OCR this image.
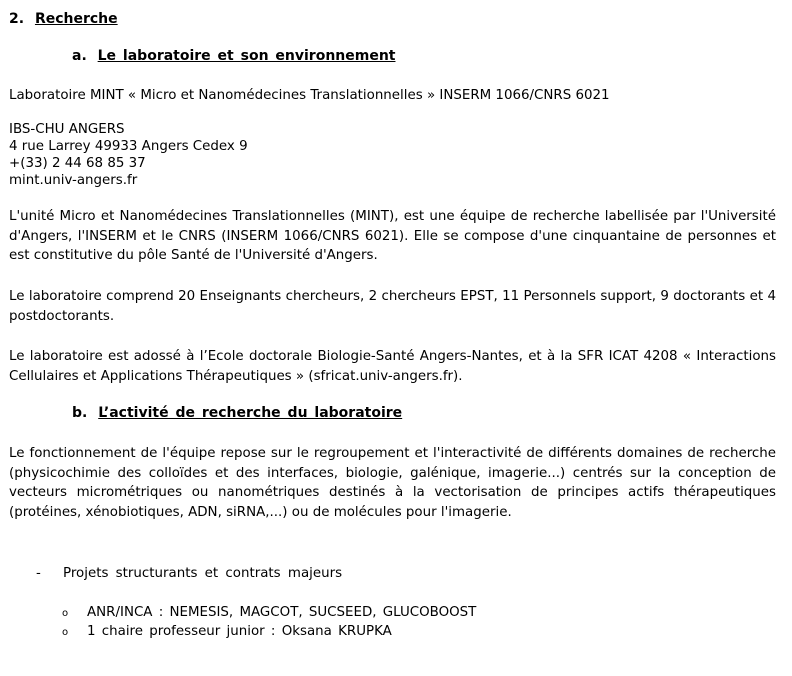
2. Recherche
a. Le laboratoire et son environnement
Laboratoire MINT « Micro et Nanomédecines Translationnelles » INSERM 1066/CNRS 6021
IBS-CHU ANGERS
4 rue Larrey 49933 Angers Cedex 9
+(33) 2 44 68 85 37
mint.univ-angers.fr
L'unité Micro et Nanomédecines Translationnelles (MINT), est une équipe de recherche labellisée par l'Université d'Angers, l'INSERM et le CNRS (INSERM 1066/CNRS 6021). Elle se compose d'une cinquantaine de personnes et est constitutive du pôle Santé de l'Université d'Angers.
Le laboratoire comprend 20 Enseignants chercheurs, 2 chercheurs EPST, 11 Personnels support, 9 doctorants et 4 postdoctorants.
Le laboratoire est adossé à l’Ecole doctorale Biologie-Santé Angers-Nantes, et à la SFR ICAT 4208 « Interactions Cellulaires et Applications Thérapeutiques » (sfricat.univ-angers.fr).
b. L’activité de recherche du laboratoire
Le fonctionnement de l'équipe repose sur le regroupement et l'interactivité de différents domaines de recherche (physicochimie des colloïdes et des interfaces, biologie, galénique, imagerie...) centrés sur la conception de vecteurs micrométriques ou nanométriques destinés à la vectorisation de principes actifs thérapeutiques (protéines, xénobiotiques, ADN, siRNA,...) ou de molécules pour l'imagerie.
- Projets structurants et contrats majeurs
o ANR/INCA : NEMESIS, MAGCOT, SUCSEED, GLUCOBOOST
o 1 chaire professeur junior : Oksana KRUPKA
